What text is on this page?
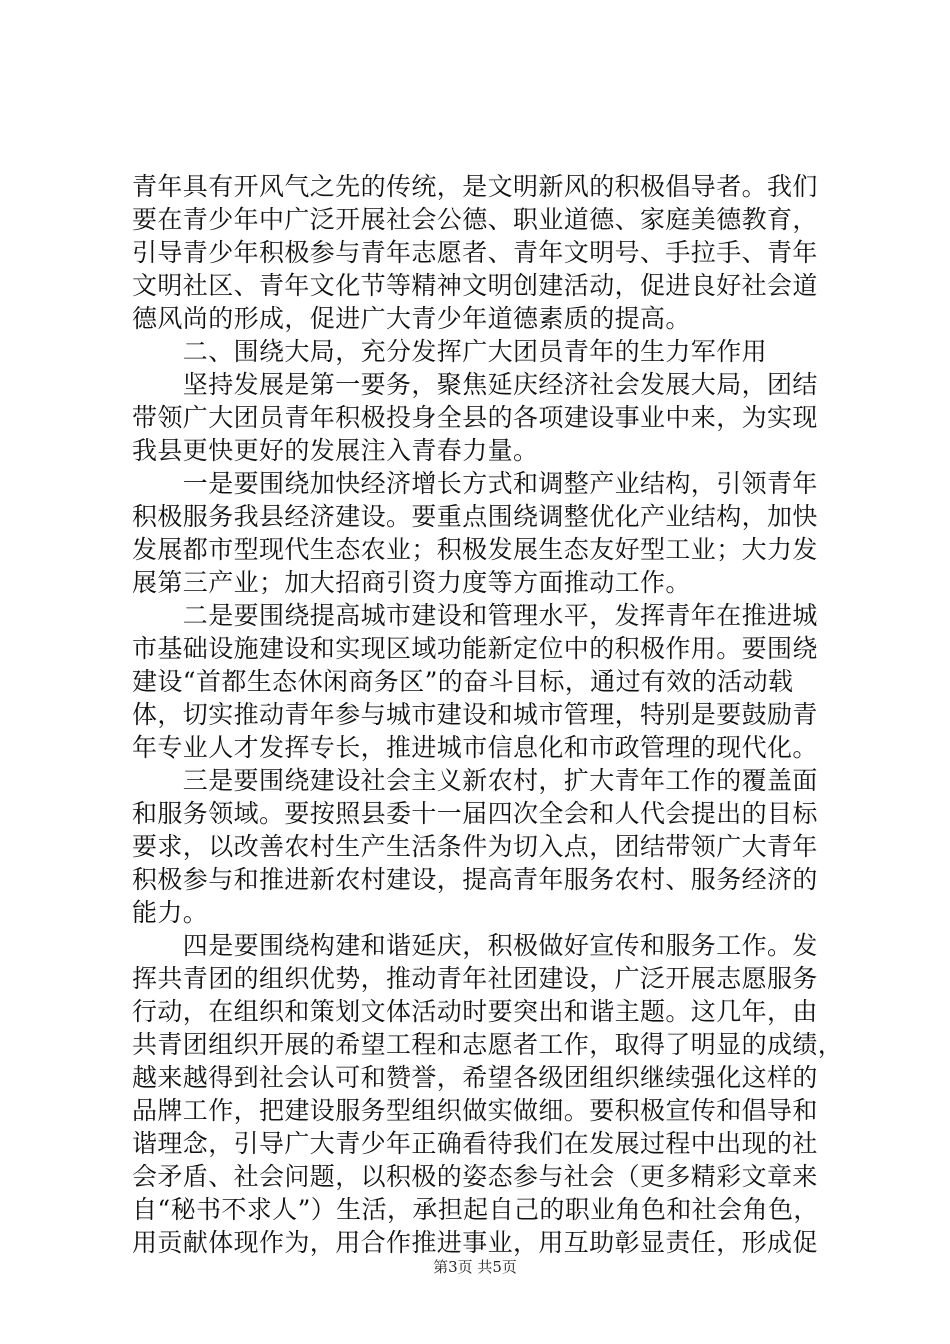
青年具有开风气之先的传统，是文明新风的积极倡导者。我们
要在青少年中广泛开展社会公德、职业道德、家庭美德教育，
引导青少年积极参与青年志愿者、青年文明号、手拉手、青年
文明社区、青年文化节等精神文明创建活动，促进良好社会道
德风尚的形成，促进广大青少年道德素质的提高。
　　二、围绕大局，充分发挥广大团员青年的生力军作用
　　坚持发展是第一要务，聚焦延庆经济社会发展大局，团结
带领广大团员青年积极投身全县的各项建设事业中来，为实现
我县更快更好的发展注入青春力量。
　　一是要围绕加快经济增长方式和调整产业结构，引领青年
积极服务我县经济建设。要重点围绕调整优化产业结构，加快
发展都市型现代生态农业；积极发展生态友好型工业；大力发
展第三产业；加大招商引资力度等方面推动工作。
　　二是要围绕提高城市建设和管理水平，发挥青年在推进城
市基础设施建设和实现区域功能新定位中的积极作用。要围绕
建设“首都生态休闲商务区”的奋斗目标，通过有效的活动载
体，切实推动青年参与城市建设和城市管理，特别是要鼓励青
年专业人才发挥专长，推进城市信息化和市政管理的现代化。
　　三是要围绕建设社会主义新农村，扩大青年工作的覆盖面
和服务领域。要按照县委十一届四次全会和人代会提出的目标
要求，以改善农村生产生活条件为切入点，团结带领广大青年
积极参与和推进新农村建设，提高青年服务农村、服务经济的
能力。
　　四是要围绕构建和谐延庆，积极做好宣传和服务工作。发
挥共青团的组织优势，推动青年社团建设，广泛开展志愿服务
行动，在组织和策划文体活动时要突出和谐主题。这几年，由
共青团组织开展的希望工程和志愿者工作，取得了明显的成绩，
越来越得到社会认可和赞誉，希望各级团组织继续强化这样的
品牌工作，把建设服务型组织做实做细。要积极宣传和倡导和
谐理念，引导广大青少年正确看待我们在发展过程中出现的社
会矛盾、社会问题，以积极的姿态参与社会（更多精彩文章来
自“秘书不求人”）生活，承担起自己的职业角色和社会角色，
用贡献体现作为，用合作推进事业，用互助彰显责任，形成促
第3页 共5页
